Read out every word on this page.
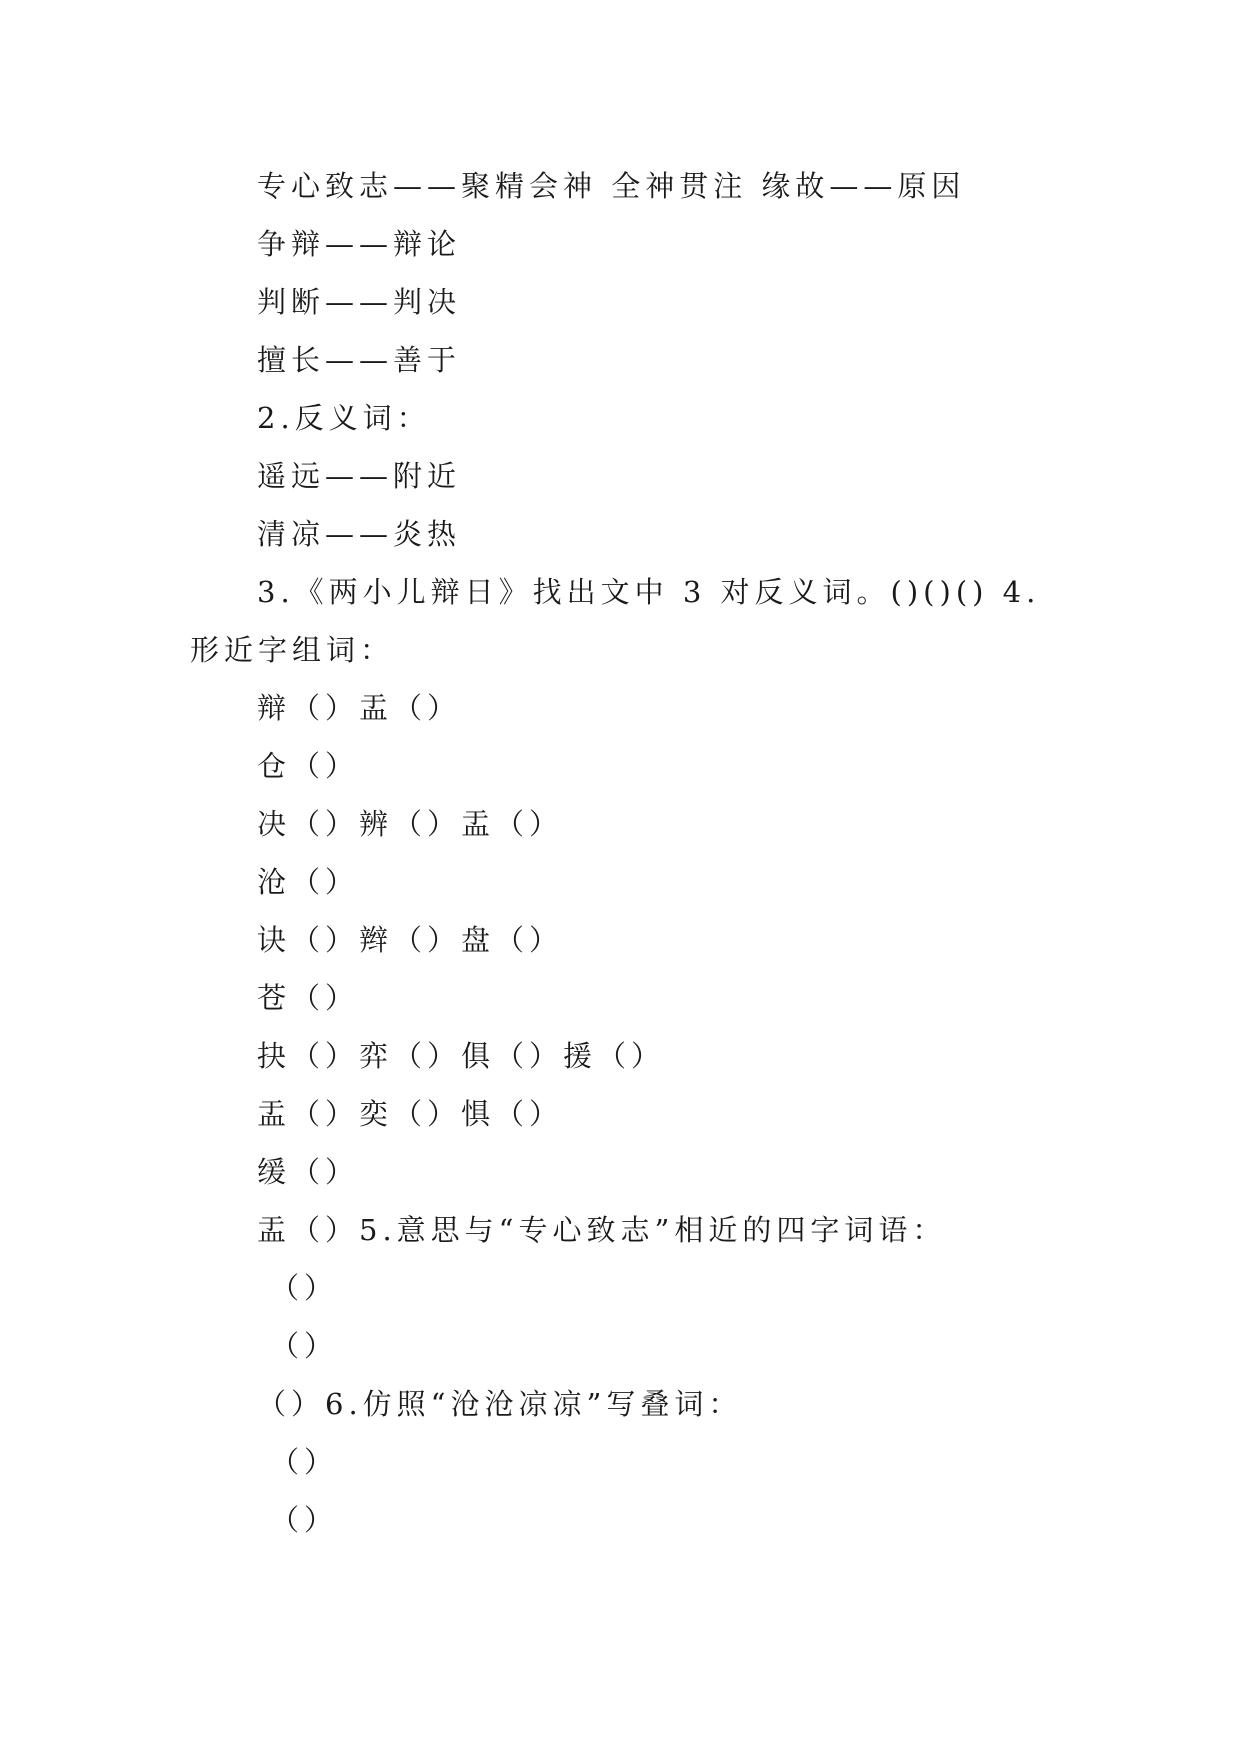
专心致志——聚精会神 全神贯注 缘故——原因
争辩——辩论
判断——判决
擅长——善于
2.反义词：
遥远——附近
清凉——炎热
3.《两小儿辩日》找出文中 3 对反义词。()()() 4.
形近字组词：
辩（）盂（）
仓（）
决（）辨（）盂（）
沧（）
诀（）辫（）盘（）
苍（）
抉（）弈（）俱（）援（）
盂（）奕（）惧（）
缓（）
盂（）5.意思与“专心致志”相近的四字词语：
（）
（）
（）6.仿照“沧沧凉凉”写叠词：
（）
（）
